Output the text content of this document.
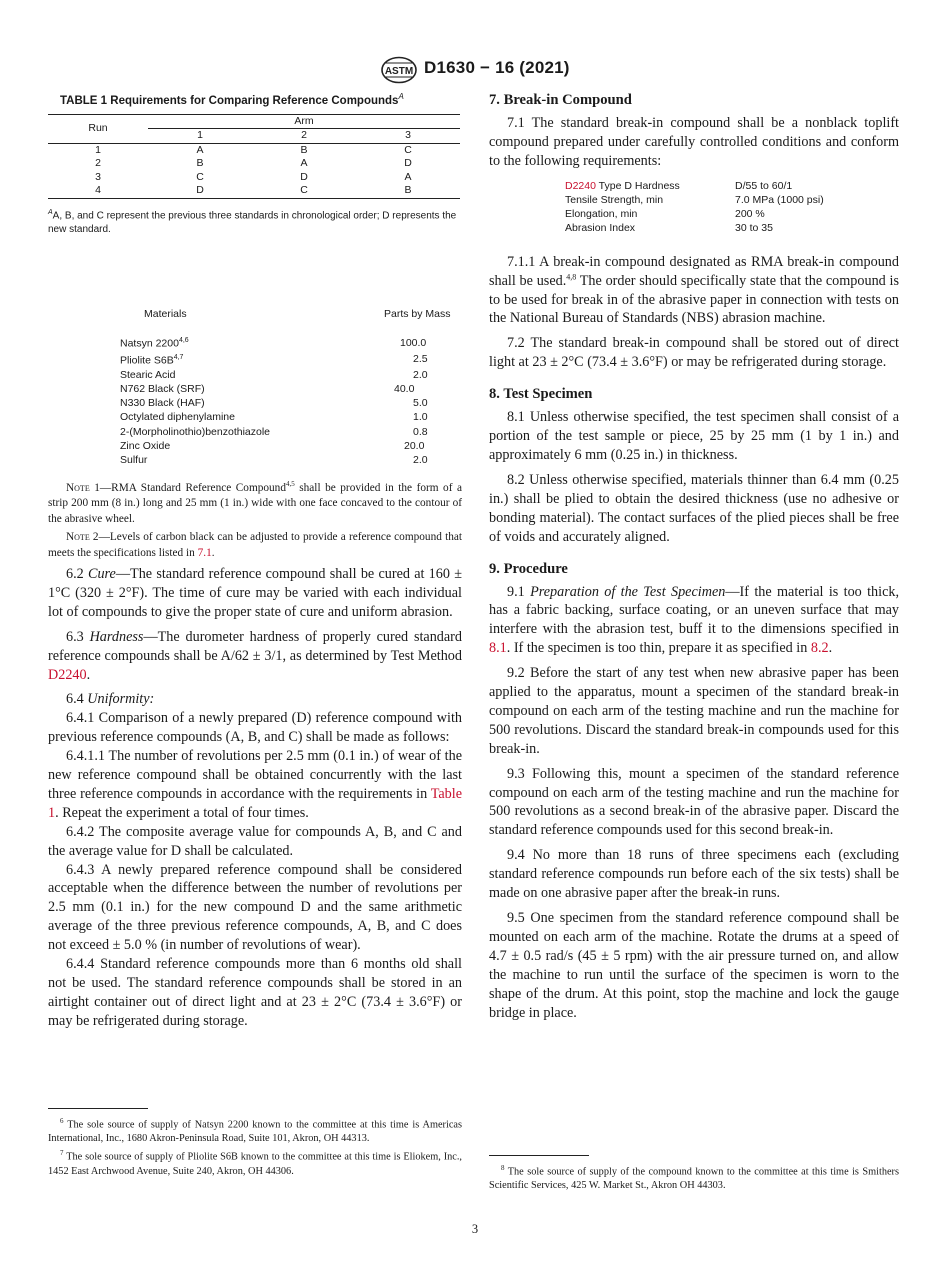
ASTM D1630 − 16 (2021)
TABLE 1 Requirements for Comparing Reference Compounds$^A$
Run	Arm		
	1	2	3
1	A	B	C
2	B	A	D
3	C	D	A
4	D	C	B
$^A$A, B, and C represent the previous three standards in chronological order; D represents the new standard.
Materials	Parts by Mass
Natsyn 2200$^{4,6}$	100.0
Pliolite $S6B^{4,7}$	2.5
Stearic Acid	2.0
N762 Black (SRF)	40.0
N330 Black (HAF)	5.0
Octylated diphenylamine	1.0
2-(Morpholinothio)benzothiazole	0.8
Zinc Oxide	20.0
Sulfur	2.0

Note 1—RMA Standard Reference Compound$^{4,5}$ shall be provided in the form of a strip 200 mm (8 in.) long and 25 mm (1 in.) wide with one face concaved to the contour of the abrasive wheel.

Note 2—Levels of carbon black can be adjusted to provide a reference compound that meets the specifications listed in 7.1.

6.2 Cure—The standard reference compound shall be cured at 160 ± 1°C (320 ± 2°F). The time of cure may be varied with each individual lot of compounds to give the proper state of cure and uniform abrasion.

6.3 Hardness—The durometer hardness of properly cured standard reference compounds shall be A/62 ± 3/1, as determined by Test Method D2240.

6.4 Uniformity:

6.4.1 Comparison of a newly prepared (D) reference compound with previous reference compounds (A, B, and C) shall be made as follows:

6.4.1.1 The number of revolutions per 2.5 mm (0.1 in.) of wear of the new reference compound shall be obtained concurrently with the last three reference compounds in accordance with the requirements in Table 1. Repeat the experiment a total of four times.

6.4.2 The composite average value for compounds A, B, and C and the average value for D shall be calculated.

6.4.3 A newly prepared reference compound shall be considered acceptable when the difference between the number of revolutions per 2.5 mm (0.1 in.) for the new compound D and the same arithmetic average of the three previous reference compounds, A, B, and C does not exceed ± 5.0 % (in number of revolutions of wear).

6.4.4 Standard reference compounds more than 6 months old shall not be used. The standard reference compounds shall be stored in an airtight container out of direct light and at 23 ± 2°C (73.4 ± 3.6°F) or may be refrigerated during storage.

$^6$ The sole source of supply of Natsyn 2200 known to the committee at this time is Americas International, Inc., 1680 Akron-Peninsula Road, Suite 101, Akron, OH 44313.

$^7$ The sole source of supply of Pliolite S6B known to the committee at this time is Eliokem, Inc., 1452 East Archwood Avenue, Suite 240, Akron, OH 44306.

7. Break-in Compound

7.1 The standard break-in compound shall be a nonblack toplift compound prepared under carefully controlled conditions and conform to the following requirements:

D2240 Type D Hardness	D/55 to 60/1
Tensile Strength, min	7.0 MPa (1000 psi)
Elongation, min	200 %
Abrasion Index	30 to 35

7.1.1 A break-in compound designated as RMA break-in compound shall be used.$^{4,8}$ The order should specifically state that the compound is to be used for break in of the abrasive paper in connection with tests on the National Bureau of Standards (NBS) abrasion machine.

7.2 The standard break-in compound shall be stored out of direct light at 23 ± 2°C (73.4 ± 3.6°F) or may be refrigerated during storage.

8. Test Specimen

8.1 Unless otherwise specified, the test specimen shall consist of a portion of the test sample or piece, 25 by 25 mm (1 by 1 in.) and approximately 6 mm (0.25 in.) in thickness.

8.2 Unless otherwise specified, materials thinner than 6.4 mm (0.25 in.) shall be plied to obtain the desired thickness (use no adhesive or bonding material). The contact surfaces of the plied pieces shall be free of voids and accurately aligned.

9. Procedure

9.1 Preparation of the Test Specimen—If the material is too thick, has a fabric backing, surface coating, or an uneven surface that may interfere with the abrasion test, buff it to the dimensions specified in 8.1. If the specimen is too thin, prepare it as specified in 8.2.

9.2 Before the start of any test when new abrasive paper has been applied to the apparatus, mount a specimen of the standard break-in compound on each arm of the testing machine and run the machine for 500 revolutions. Discard the standard break-in compounds used for this break-in.

9.3 Following this, mount a specimen of the standard reference compound on each arm of the testing machine and run the machine for 500 revolutions as a second break-in of the abrasive paper. Discard the standard reference compounds used for this second break-in.

9.4 No more than 18 runs of three specimens each (excluding standard reference compounds run before each of the six tests) shall be made on one abrasive paper after the break-in runs.

9.5 One specimen from the standard reference compound shall be mounted on each arm of the machine. Rotate the drums at a speed of 4.7 ± 0.5 rad/s (45 ± 5 rpm) with the air pressure turned on, and allow the machine to run until the surface of the specimen is worn to the shape of the drum. At this point, stop the machine and lock the gauge bridge in place.

$^8$ The sole source of supply of the compound known to the committee at this time is Smithers Scientific Services, 425 W. Market St., Akron OH 44303.

3
